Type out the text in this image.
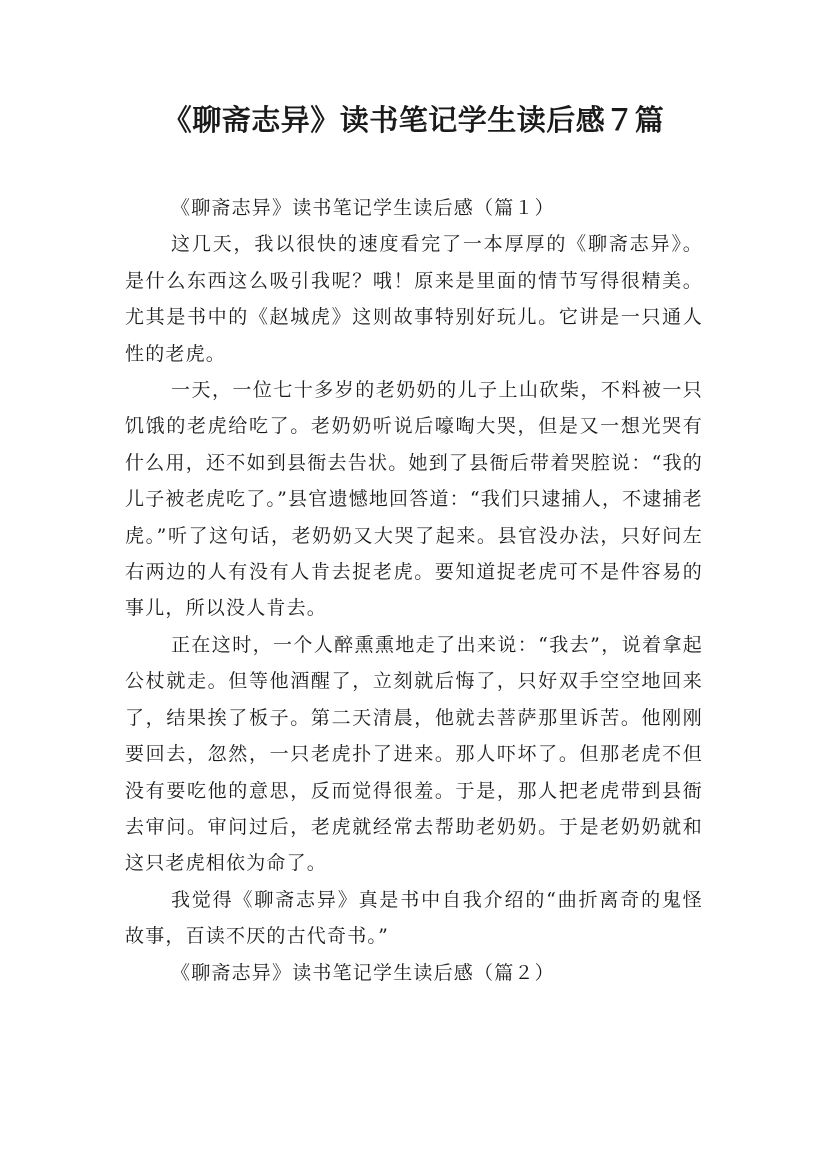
《聊斋志异》读书笔记学生读后感７篇

《聊斋志异》读书笔记学生读后感（篇１）

这几天，我以很快的速度看完了一本厚厚的《聊斋志异》。是什么东西这么吸引我呢？哦！原来是里面的情节写得很精美。尤其是书中的《赵城虎》这则故事特别好玩儿。它讲是一只通人性的老虎。

一天，一位七十多岁的老奶奶的儿子上山砍柴，不料被一只饥饿的老虎给吃了。老奶奶听说后嚎啕大哭，但是又一想光哭有什么用，还不如到县衙去告状。她到了县衙后带着哭腔说：“我的儿子被老虎吃了。”县官遗憾地回答道：“我们只逮捕人，不逮捕老虎。”听了这句话，老奶奶又大哭了起来。县官没办法，只好问左右两边的人有没有人肯去捉老虎。要知道捉老虎可不是件容易的事儿，所以没人肯去。

正在这时，一个人醉熏熏地走了出来说：“我去”，说着拿起公杖就走。但等他酒醒了，立刻就后悔了，只好双手空空地回来了，结果挨了板子。第二天清晨，他就去菩萨那里诉苦。他刚刚要回去，忽然，一只老虎扑了进来。那人吓坏了。但那老虎不但没有要吃他的意思，反而觉得很羞。于是，那人把老虎带到县衙去审问。审问过后，老虎就经常去帮助老奶奶。于是老奶奶就和这只老虎相依为命了。

我觉得《聊斋志异》真是书中自我介绍的“曲折离奇的鬼怪故事，百读不厌的古代奇书。”

《聊斋志异》读书笔记学生读后感（篇２）
